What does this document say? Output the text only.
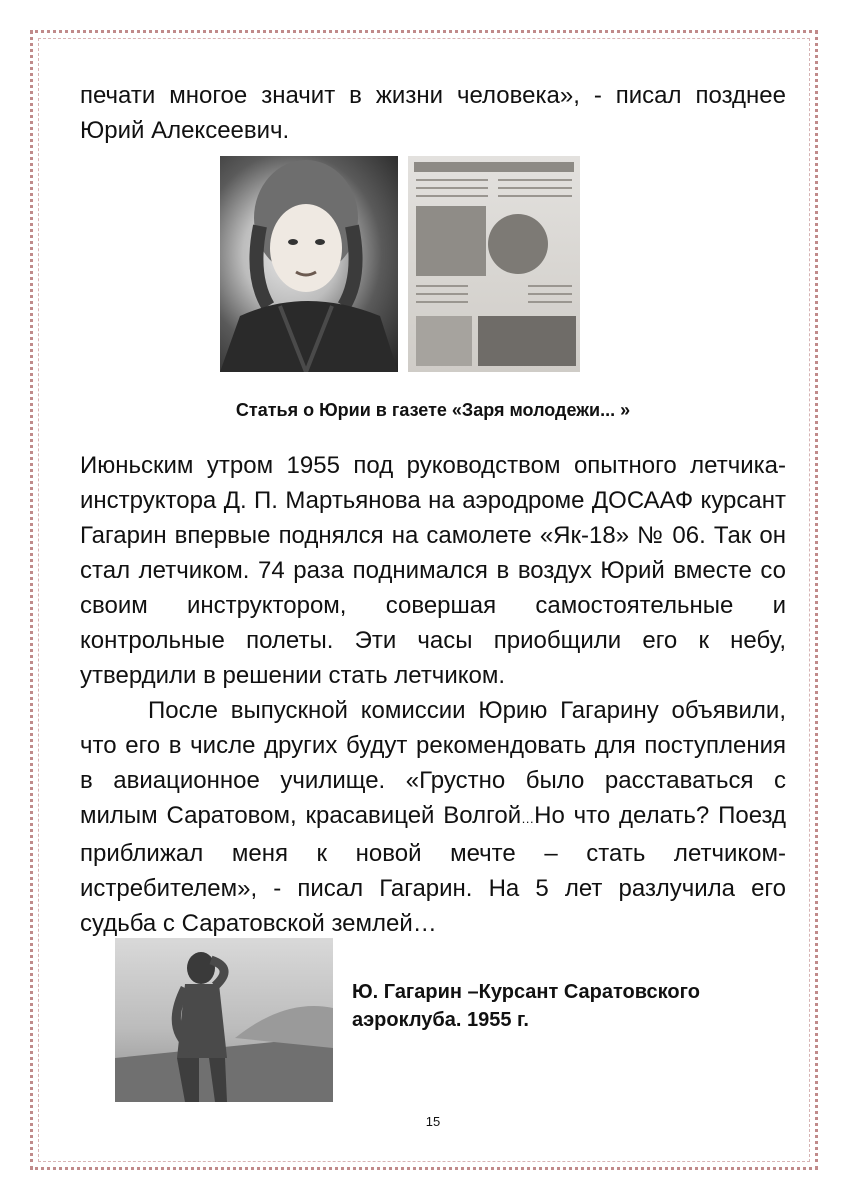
печати многое значит в жизни человека», - писал позднее Юрий Алексеевич.

Статья о Юрии в газете «Заря молодежи... »

Июньским утром 1955 под руководством опытного летчика-инструктора Д. П. Мартьянова на аэродроме ДОСААФ курсант Гагарин впервые поднялся на самолете «Як-18» № 06. Так он стал летчиком. 74 раза поднимался в воздух Юрий вместе со своим инструктором, совершая самостоятельные и контрольные полеты. Эти часы приобщили его к небу, утвердили в решении стать летчиком.

После выпускной комиссии Юрию Гагарину объявили, что его в числе других будут рекомендовать для поступления в авиационное училище. «Грустно было расставаться с милым Саратовом, красавицей Волгой…Но что делать? Поезд приближал меня к новой мечте – стать летчиком-истребителем», - писал Гагарин. На 5 лет разлучила его судьба с Саратовской землей…

Ю. Гагарин –Курсант Саратовского аэроклуба. 1955 г.

15
